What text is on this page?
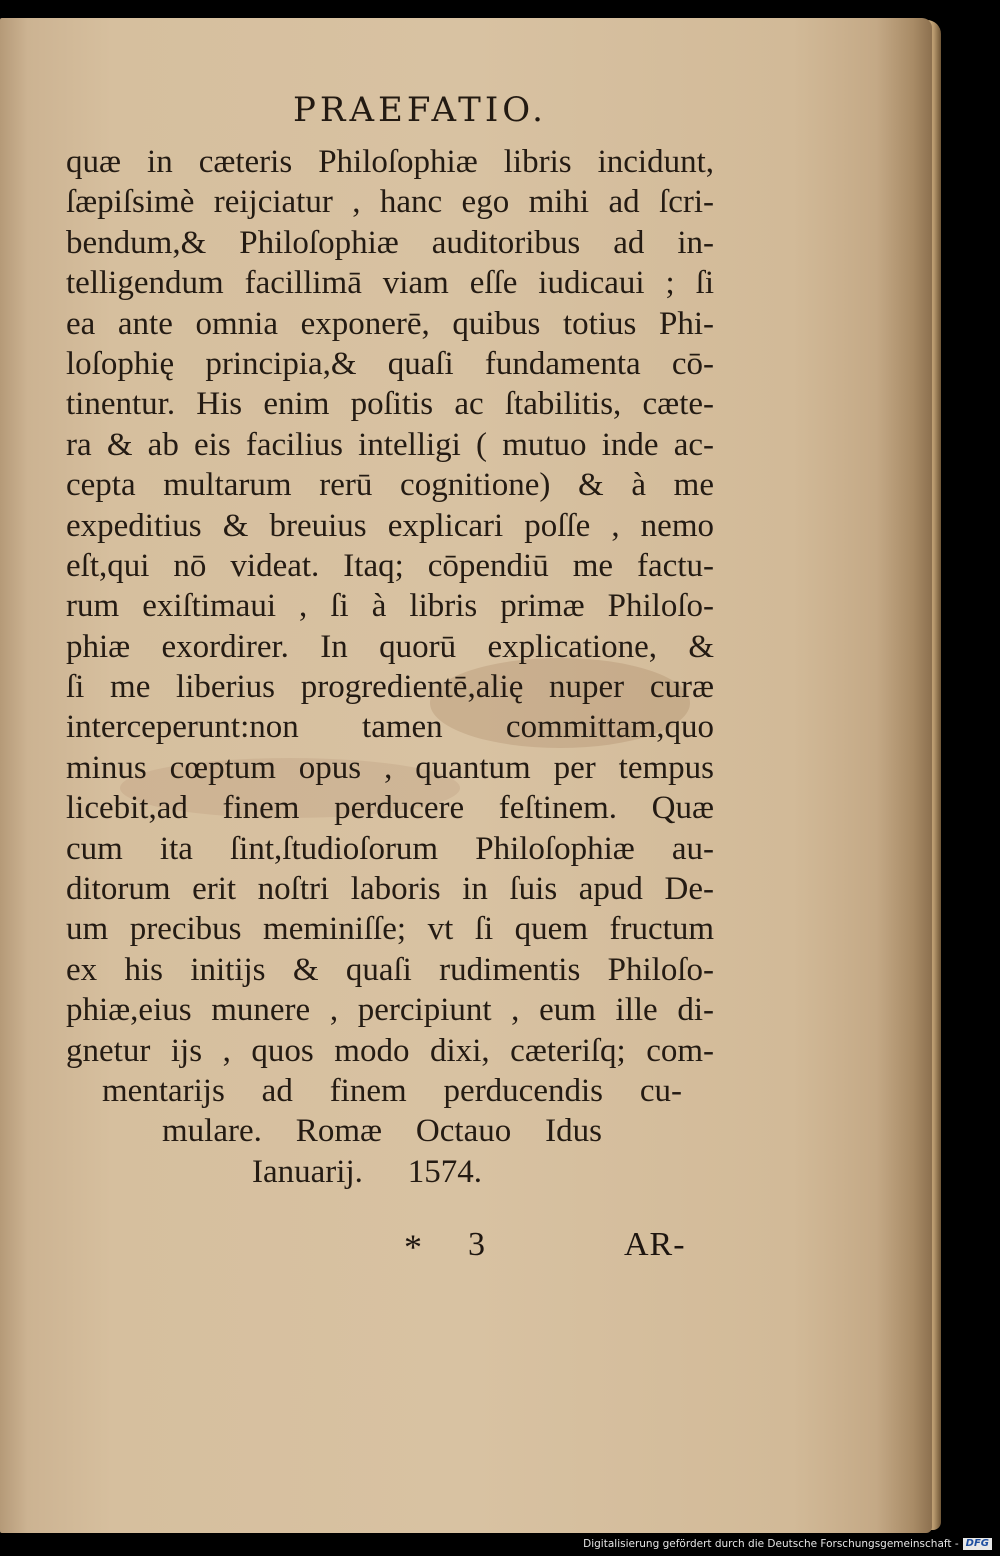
PRAEFATIO.
quæ in cæteris Philoſophiæ libris incidunt,
ſæpiſsimè reijciatur , hanc ego mihi ad ſcri-
bendum,& Philoſophiæ auditoribus ad in-
telligendum facillimā viam eſſe iudicaui ; ſi
ea ante omnia exponerē, quibus totius Phi-
loſophię principia,& quaſi fundamenta cō-
tinentur. His enim poſitis ac ſtabilitis, cæte-
ra & ab eis facilius intelligi ( mutuo inde ac-
cepta multarum rerū cognitione) & à me
expeditius & breuius explicari poſſe , nemo
eſt,qui nō videat. Itaq; cōpendiū me factu-
rum exiſtimaui , ſi à libris primæ Philoſo-
phiæ exordirer. In quorū explicatione, &
ſi me liberius progredientē,alię nuper curæ
interceperunt:non tamen committam,quo
minus cœptum opus , quantum per tempus
licebit,ad finem perducere feſtinem. Quæ
cum ita ſint,ſtudioſorum Philoſophiæ au-
ditorum erit noſtri laboris in ſuis apud De-
um precibus meminiſſe; vt ſi quem fructum
ex his initijs & quaſi rudimentis Philoſo-
phiæ,eius munere , percipiunt , eum ille di-
gnetur ijs , quos modo dixi, cæteriſq; com-
mentarijs ad finem perducendis cu-
mulare. Romæ Octauo Idus
Ianuarij. 1574.
* 3	AR-
Digitalisierung gefördert durch die Deutsche Forschungsgemeinschaft - DFG
